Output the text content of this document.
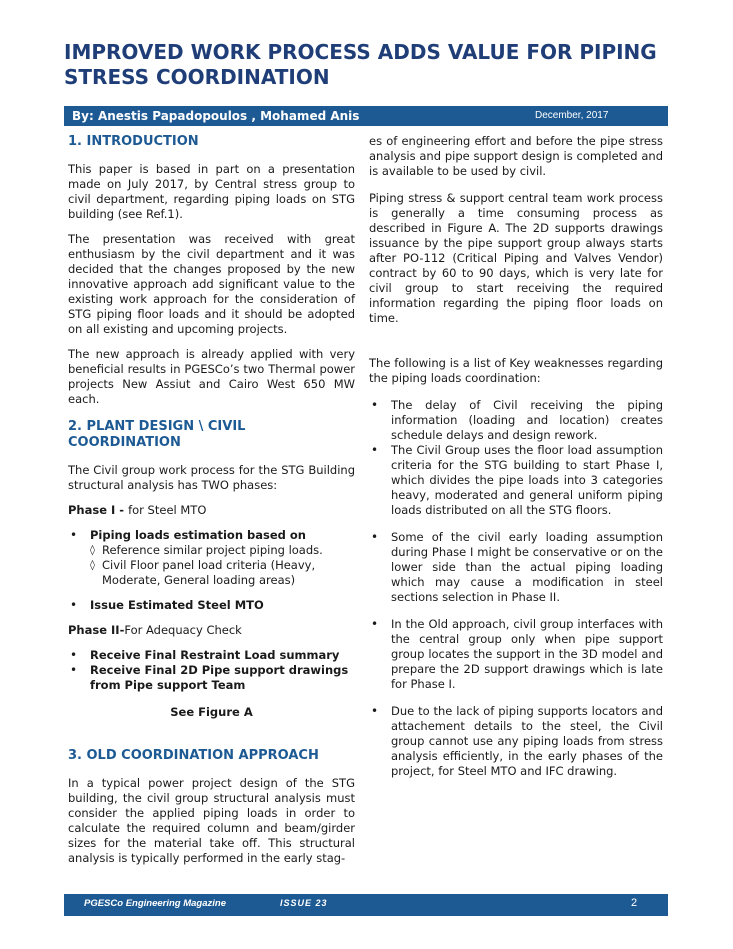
IMPROVED WORK PROCESS ADDS VALUE FOR PIPING STRESS COORDINATION
By: Anestis Papadopoulos , Mohamed Anis	December, 2017
1. INTRODUCTION

This paper is based in part on a presentation made on July 2017, by Central stress group to civil department, regarding piping loads on STG building (see Ref.1).

The presentation was received with great enthusiasm by the civil department and it was decided that the changes proposed by the new innovative approach add significant value to the existing work approach for the consideration of STG piping floor loads and it should be adopted on all existing and upcoming projects.

The new approach is already applied with very beneficial results in PGESCo’s two Thermal power projects New Assiut and Cairo West 650 MW each.

2. PLANT DESIGN \ CIVIL COORDINATION

The Civil group work process for the STG Building structural analysis has TWO phases:

Phase I - for Steel MTO

• Piping loads estimation based on
◊ Reference similar project piping loads.
◊ Civil Floor panel load criteria (Heavy, Moderate, General loading areas)
• Issue Estimated Steel MTO

Phase II-For Adequacy Check

• Receive Final Restraint Load summary
• Receive Final 2D Pipe support drawings from Pipe support Team

See Figure A

3. OLD COORDINATION APPROACH

In a typical power project design of the STG building, the civil group structural analysis must consider the applied piping loads in order to calculate the required column and beam/girder sizes for the material take off. This structural analysis is typically performed in the early stag-

es of engineering effort and before the pipe stress analysis and pipe support design is completed and is available to be used by civil.

Piping stress & support central team work process is generally a time consuming process as described in Figure A. The 2D supports drawings issuance by the pipe support group always starts after PO-112 (Critical Piping and Valves Vendor) contract by 60 to 90 days, which is very late for civil group to start receiving the required information regarding the piping floor loads on time.

The following is a list of Key weaknesses regarding the piping loads coordination:

• The delay of Civil receiving the piping information (loading and location) creates schedule delays and design rework.
• The Civil Group uses the floor load assumption criteria for the STG building to start Phase I, which divides the pipe loads into 3 categories heavy, moderated and general uniform piping loads distributed on all the STG floors.
• Some of the civil early loading assumption during Phase I might be conservative or on the lower side than the actual piping loading which may cause a modification in steel sections selection in Phase II.
• In the Old approach, civil group interfaces with the central group only when pipe support group locates the support in the 3D model and prepare the 2D support drawings which is late for Phase I.
• Due to the lack of piping supports locators and attachement details to the steel, the Civil group cannot use any piping loads from stress analysis efficiently, in the early phases of the project, for Steel MTO and IFC drawing.
PGESCo Engineering Magazine	ISSUE 23	2
